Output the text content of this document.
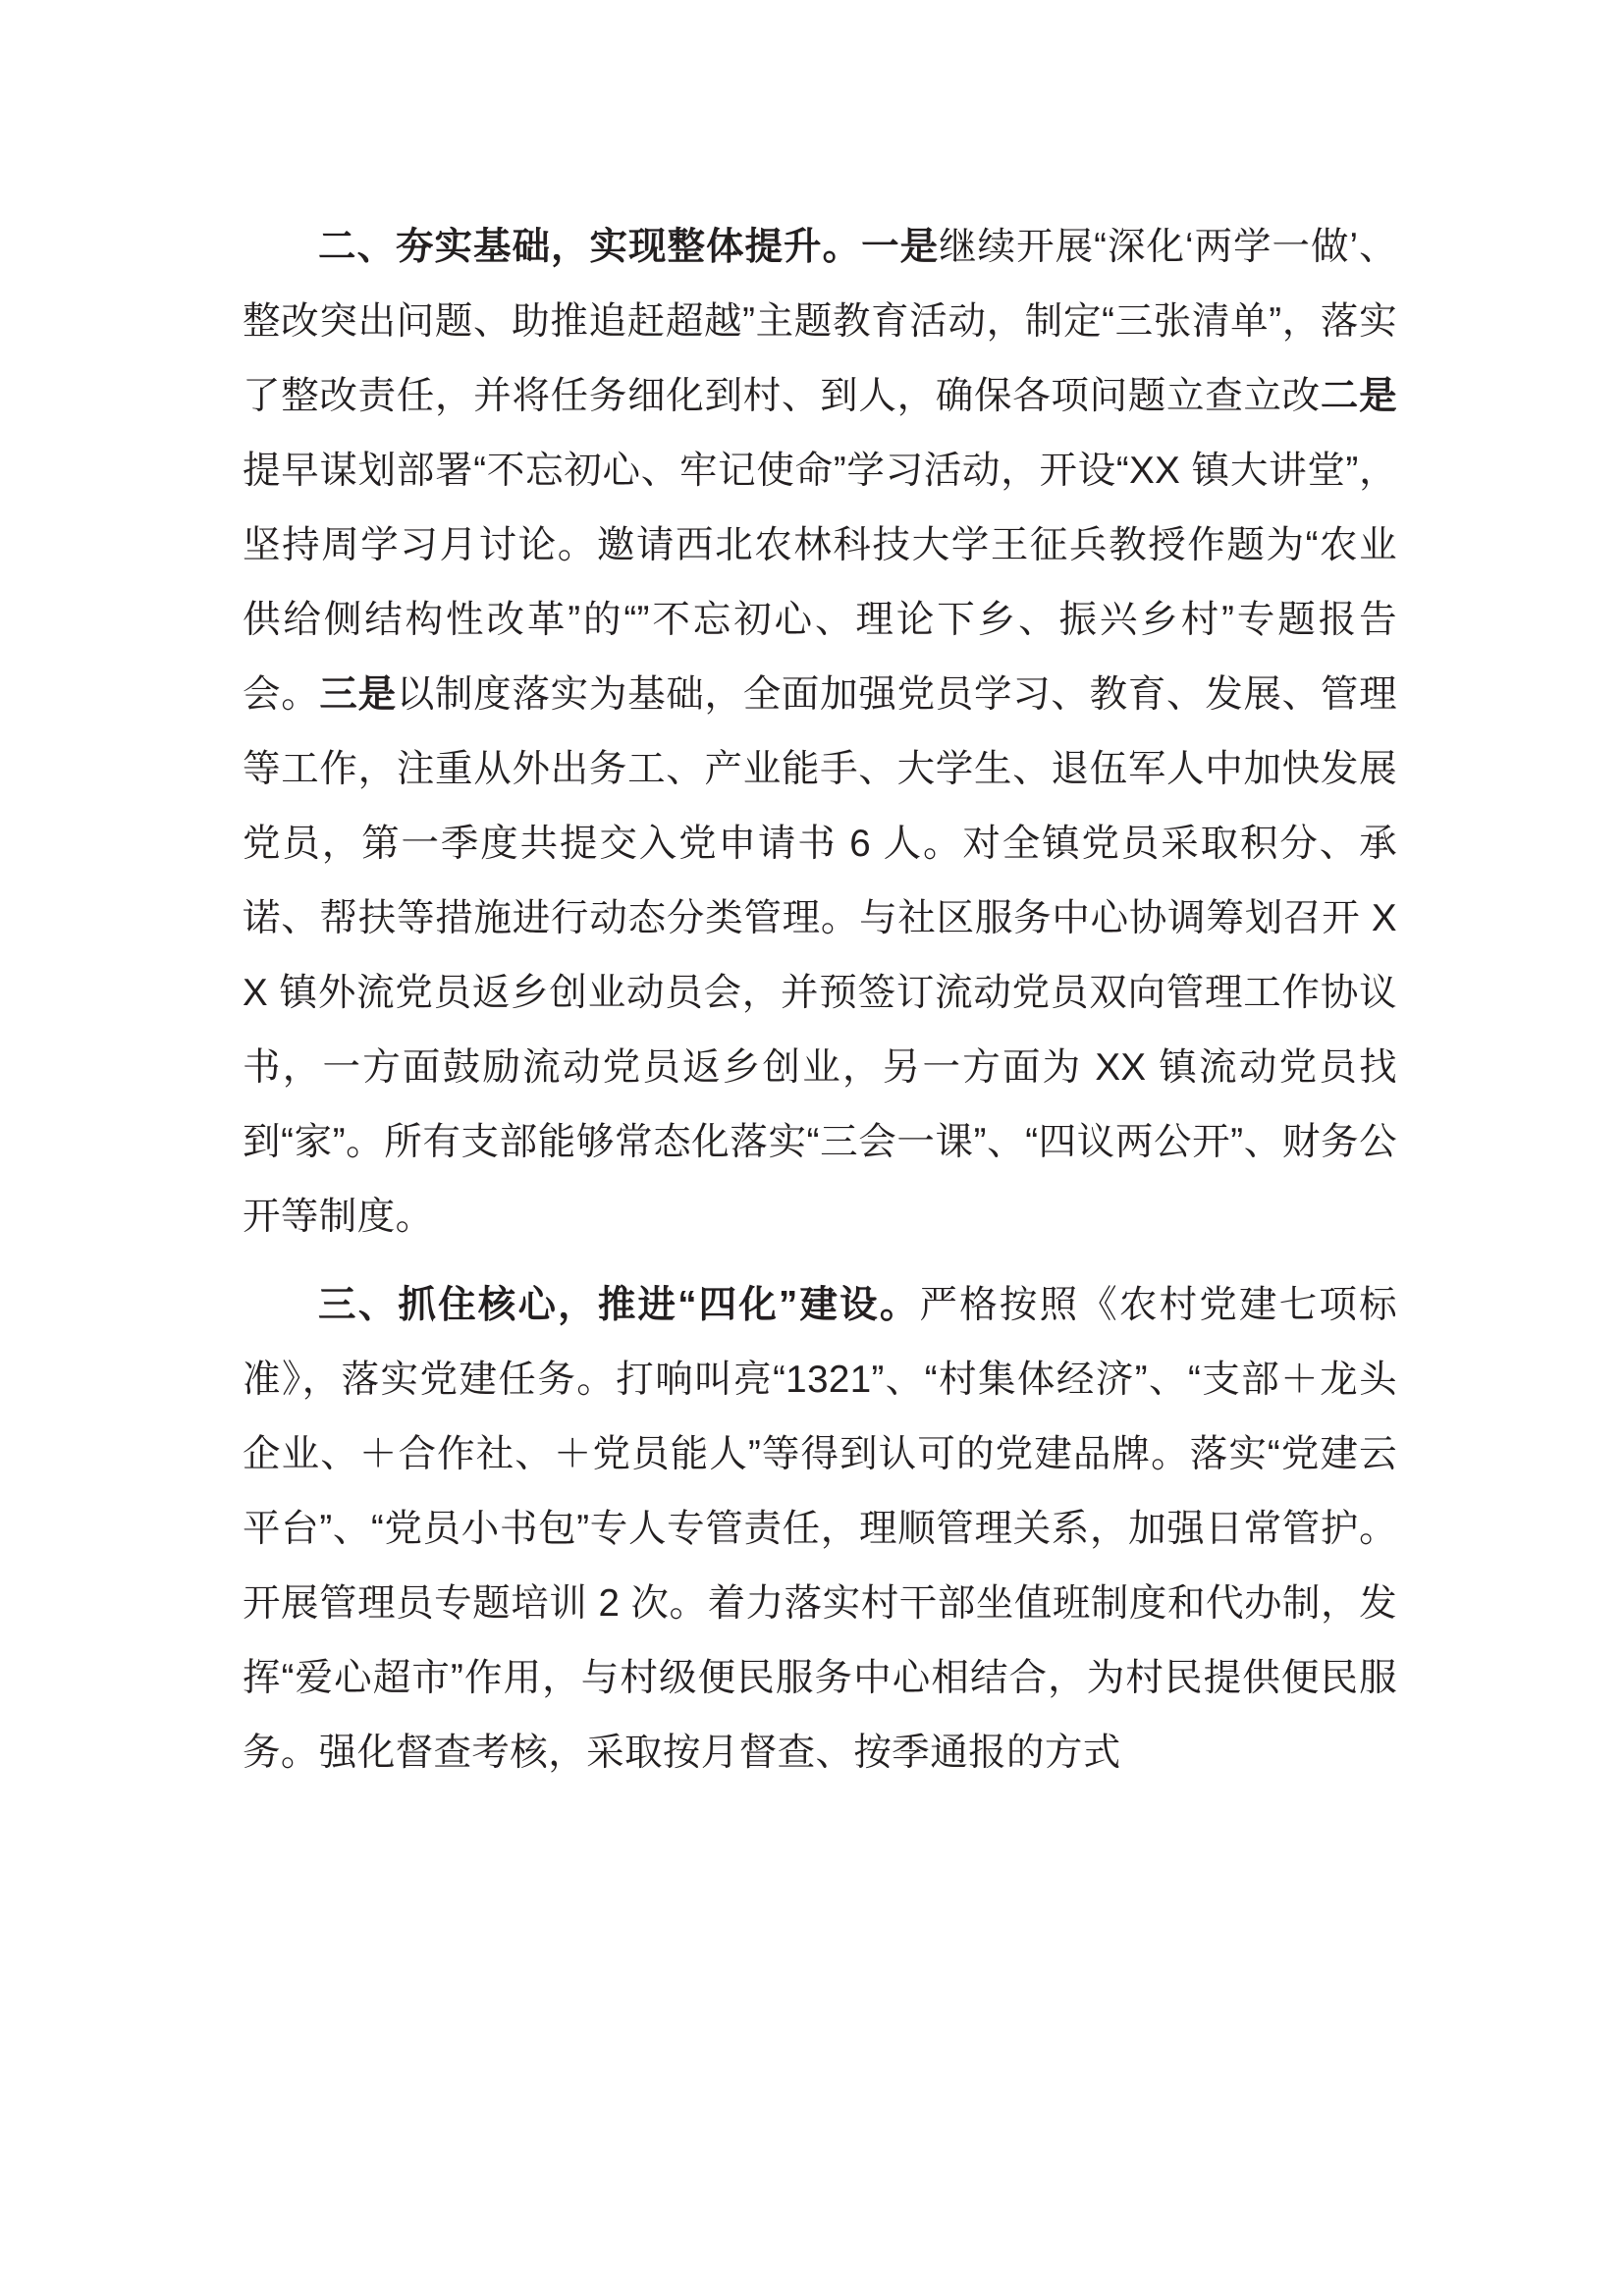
二、夯实基础，实现整体提升。一是继续开展“深化‘两学一做’、整改突出问题、助推追赶超越”主题教育活动，制定“三张清单”，落实了整改责任，并将任务细化到村、到人，确保各项问题立查立改二是提早谋划部署“不忘初心、牢记使命”学习活动，开设“XX 镇大讲堂”，坚持周学习月讨论。邀请西北农林科技大学王征兵教授作题为“农业供给侧结构性改革”的“”不忘初心、理论下乡、振兴乡村”专题报告会。三是以制度落实为基础，全面加强党员学习、教育、发展、管理等工作，注重从外出务工、产业能手、大学生、退伍军人中加快发展党员，第一季度共提交入党申请书 6 人。对全镇党员采取积分、承诺、帮扶等措施进行动态分类管理。与社区服务中心协调筹划召开 XX 镇外流党员返乡创业动员会，并预签订流动党员双向管理工作协议书，一方面鼓励流动党员返乡创业，另一方面为 XX 镇流动党员找到“家”。所有支部能够常态化落实“三会一课”、“四议两公开”、财务公开等制度。

三、抓住核心，推进“四化”建设。严格按照《农村党建七项标准》，落实党建任务。打响叫亮“1321”、“村集体经济”、“支部＋龙头企业、＋合作社、＋党员能人”等得到认可的党建品牌。落实“党建云平台”、“党员小书包”专人专管责任，理顺管理关系，加强日常管护。开展管理员专题培训 2 次。着力落实村干部坐值班制度和代办制，发挥“爱心超市”作用，与村级便民服务中心相结合，为村民提供便民服务。强化督查考核，采取按月督查、按季通报的方式
